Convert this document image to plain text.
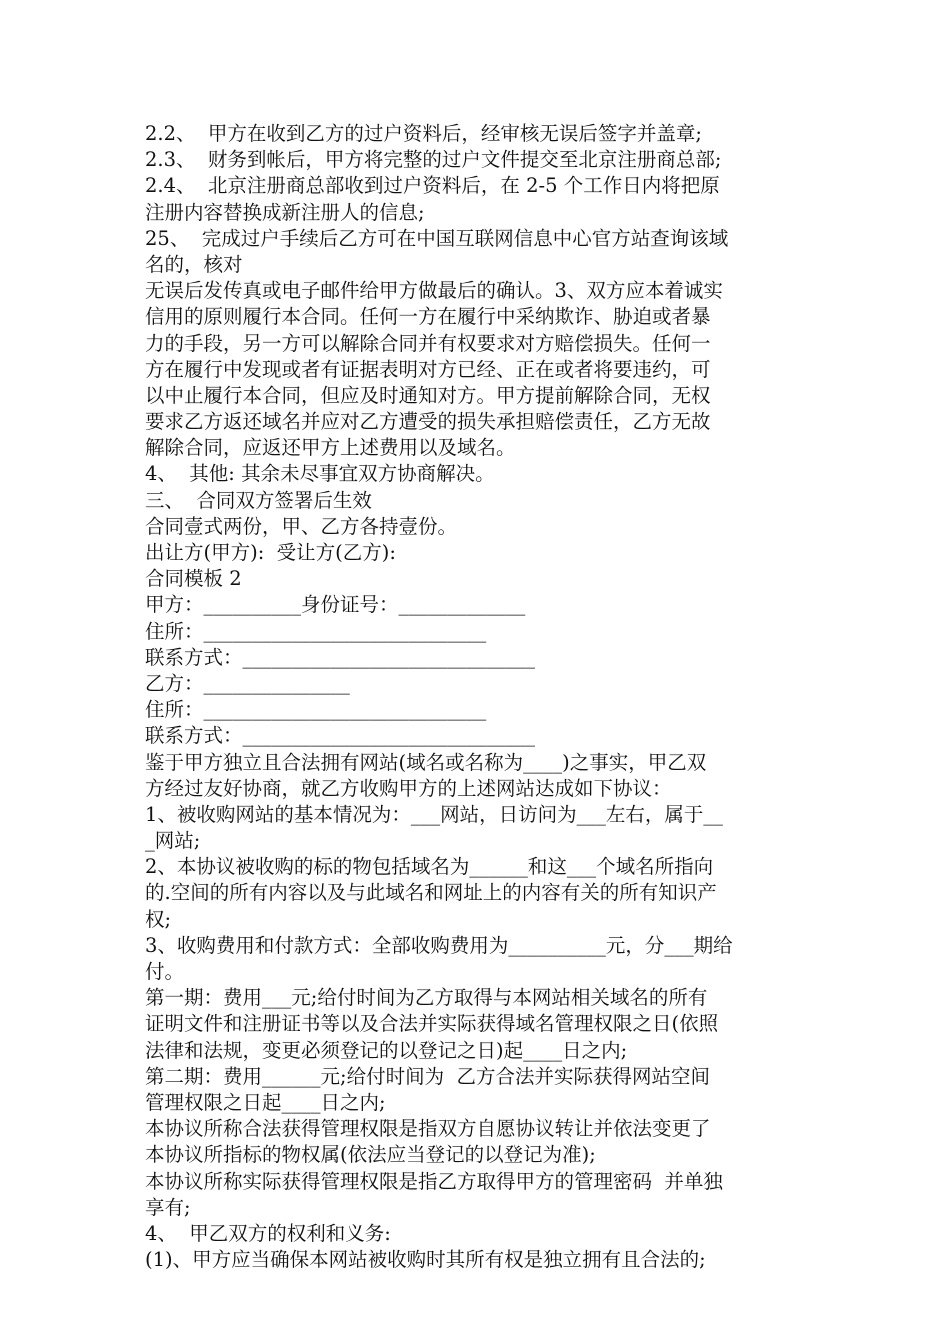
2.2、  甲方在收到乙方的过户资料后，经审核无误后签字并盖章;

2.3、  财务到帐后，甲方将完整的过户文件提交至北京注册商总部;

2.4、  北京注册商总部收到过户资料后，在 2-5 个工作日内将把原

注册内容替换成新注册人的信息;

25、  完成过户手续后乙方可在中国互联网信息中心官方站查询该域

名的，核对

无误后发传真或电子邮件给甲方做最后的确认。3、双方应本着诚实

信用的原则履行本合同。任何一方在履行中采纳欺诈、胁迫或者暴

力的手段，另一方可以解除合同并有权要求对方赔偿损失。任何一

方在履行中发现或者有证据表明对方已经、正在或者将要违约，可

以中止履行本合同，但应及时通知对方。甲方提前解除合同，无权

要求乙方返还域名并应对乙方遭受的损失承担赔偿责任，乙方无故

解除合同，应返还甲方上述费用以及域名。

4、  其他: 其余未尽事宜双方协商解决。

三、  合同双方签署后生效

合同壹式两份，甲、乙方各持壹份。

出让方(甲方):  受让方(乙方):

合同模板 2

甲方：__________身份证号：_____________

住所：_____________________________

联系方式：______________________________

乙方：_______________

住所：_____________________________

联系方式：______________________________

鉴于甲方独立且合法拥有网站(域名或名称为____)之事实，甲乙双

方经过友好协商，就乙方收购甲方的上述网站达成如下协议：

1、被收购网站的基本情况为：___网站，日访问为___左右，属于__

_网站;

2、本协议被收购的标的物包括域名为______和这___个域名所指向

的.空间的所有内容以及与此域名和网址上的内容有关的所有知识产

权;

3、收购费用和付款方式：全部收购费用为__________元，分___期给

付。

第一期：费用___元;给付时间为乙方取得与本网站相关域名的所有

证明文件和注册证书等以及合法并实际获得域名管理权限之日(依照

法律和法规，变更必须登记的以登记之日)起____日之内;

第二期：费用______元;给付时间为  乙方合法并实际获得网站空间

管理权限之日起____日之内;

本协议所称合法获得管理权限是指双方自愿协议转让并依法变更了

本协议所指标的物权属(依法应当登记的以登记为准);

本协议所称实际获得管理权限是指乙方取得甲方的管理密码  并单独

享有;

4、  甲乙双方的权利和义务:

(1)、甲方应当确保本网站被收购时其所有权是独立拥有且合法的;
